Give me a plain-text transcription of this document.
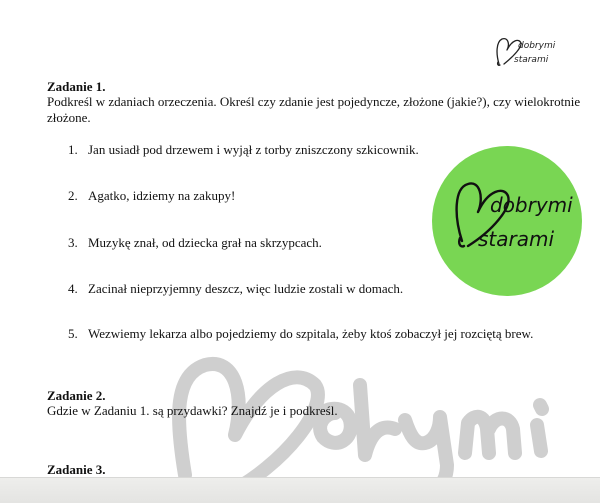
dobrymi
starami
dobrymi
starami
Zadanie 1.
Podkreśl w zdaniach orzeczenia. Określ czy zdanie jest pojedyncze, złożone (jakie?), czy wielokrotnie
złożone.
1. Jan usiadł pod drzewem i wyjął z torby zniszczony szkicownik.
2. Agatko, idziemy na zakupy!
3. Muzykę znał, od dziecka grał na skrzypcach.
4. Zacinał nieprzyjemny deszcz, więc ludzie zostali w domach.
5. Wezwiemy lekarza albo pojedziemy do szpitala, żeby ktoś zobaczył jej rozciętą brew.
Zadanie 2.
Gdzie w Zadaniu 1. są przydawki? Znajdź je i podkreśl.
Zadanie 3.
